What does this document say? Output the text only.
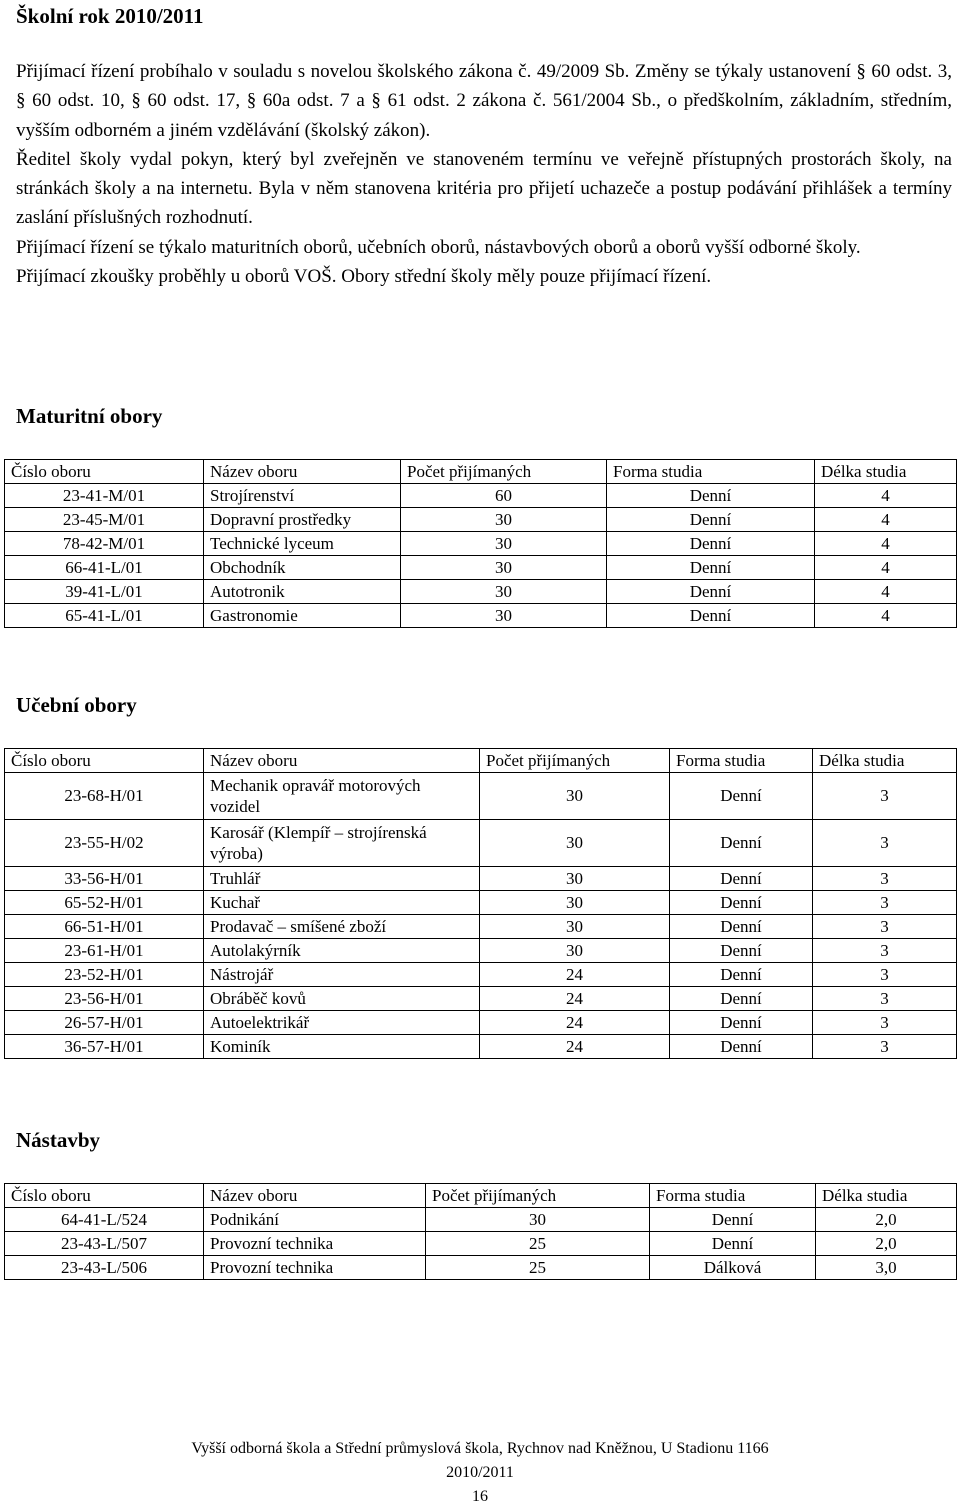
Školní rok 2010/2011

Přijímací řízení probíhalo v souladu s novelou školského zákona č. 49/2009 Sb. Změny se týkaly ustanovení § 60 odst. 3, § 60 odst. 10, § 60 odst. 17, § 60a odst. 7 a § 61 odst. 2 zákona č. 561/2004 Sb., o předškolním, základním, středním, vyšším odborném a jiném vzdělávání (školský zákon).

Ředitel školy vydal pokyn, který byl zveřejněn ve stanoveném termínu ve veřejně přístupných prostorách školy, na stránkách školy a na internetu. Byla v něm stanovena kritéria pro přijetí uchazeče a postup podávání přihlášek a termíny zaslání příslušných rozhodnutí.

Přijímací řízení se týkalo maturitních oborů, učebních oborů, nástavbových oborů a oborů vyšší odborné školy.

Přijímací zkoušky proběhly u oborů VOŠ. Obory střední školy měly pouze přijímací řízení.

Maturitní obory
Číslo oboru	Název oboru	Počet přijímaných	Forma studia	Délka studia
23-41-M/01	Strojírenství	60	Denní	4
23-45-M/01	Dopravní prostředky	30	Denní	4
78-42-M/01	Technické lyceum	30	Denní	4
66-41-L/01	Obchodník	30	Denní	4
39-41-L/01	Autotronik	30	Denní	4
65-41-L/01	Gastronomie	30	Denní	4
Učební obory
Číslo oboru	Název oboru	Počet přijímaných	Forma studia	Délka studia
23-68-H/01	Mechanik opravář motorových vozidel	30	Denní	3
23-55-H/02	Karosář (Klempíř – strojírenská výroba)	30	Denní	3
33-56-H/01	Truhlář	30	Denní	3
65-52-H/01	Kuchař	30	Denní	3
66-51-H/01	Prodavač – smíšené zboží	30	Denní	3
23-61-H/01	Autolakýrník	30	Denní	3
23-52-H/01	Nástrojář	24	Denní	3
23-56-H/01	Obráběč kovů	24	Denní	3
26-57-H/01	Autoelektrikář	24	Denní	3
36-57-H/01	Kominík	24	Denní	3
Nástavby
Číslo oboru	Název oboru	Počet přijímaných	Forma studia	Délka studia
64-41-L/524	Podnikání	30	Denní	2,0
23-43-L/507	Provozní technika	25	Denní	2,0
23-43-L/506	Provozní technika	25	Dálková	3,0
Vyšší odborná škola a Střední průmyslová škola, Rychnov nad Kněžnou, U Stadionu 1166
2010/2011
16
